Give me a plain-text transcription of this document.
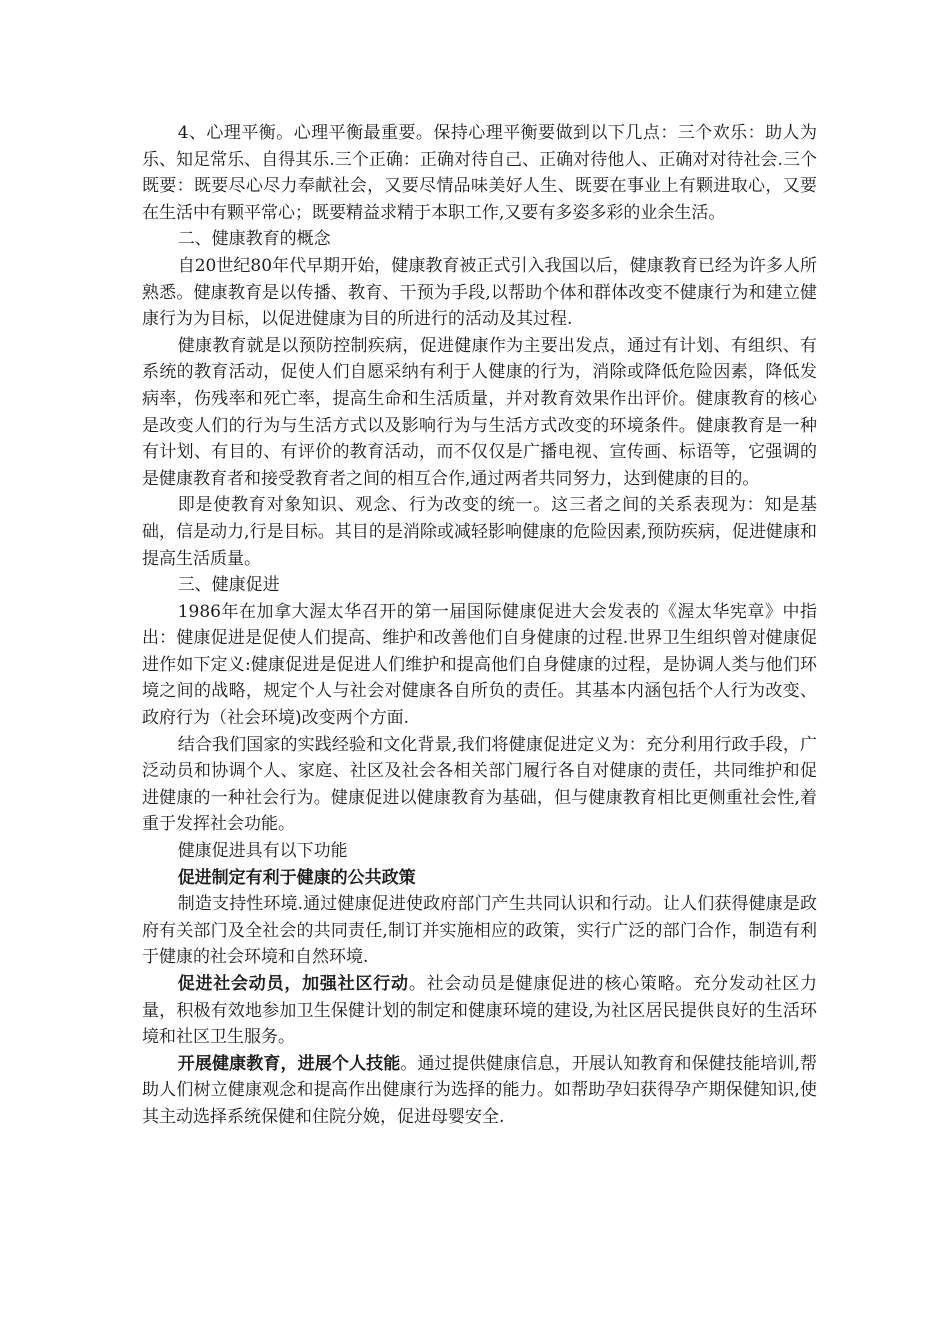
4、心理平衡。心理平衡最重要。保持心理平衡要做到以下几点：三个欢乐：助人为乐、知足常乐、自得其乐.三个正确：正确对待自己、正确对待他人、正确对对待社会.三个既要：既要尽心尽力奉献社会，又要尽情品味美好人生、既要在事业上有颗进取心，又要在生活中有颗平常心；既要精益求精于本职工作,又要有多姿多彩的业余生活。

二、健康教育的概念

自20世纪80年代早期开始，健康教育被正式引入我国以后，健康教育已经为许多人所熟悉。健康教育是以传播、教育、干预为手段,以帮助个体和群体改变不健康行为和建立健康行为为目标，以促进健康为目的所进行的活动及其过程.

健康教育就是以预防控制疾病，促进健康作为主要出发点，通过有计划、有组织、有系统的教育活动，促使人们自愿采纳有利于人健康的行为，消除或降低危险因素，降低发病率，伤残率和死亡率，提高生命和生活质量，并对教育效果作出评价。健康教育的核心是改变人们的行为与生活方式以及影响行为与生活方式改变的环境条件。健康教育是一种有计划、有目的、有评价的教育活动，而不仅仅是广播电视、宣传画、标语等，它强调的是健康教育者和接受教育者之间的相互合作,通过两者共同努力，达到健康的目的。

即是使教育对象知识、观念、行为改变的统一。这三者之间的关系表现为：知是基础，信是动力,行是目标。其目的是消除或减轻影响健康的危险因素,预防疾病，促进健康和提高生活质量。

三、健康促进

1986年在加拿大渥太华召开的第一届国际健康促进大会发表的《渥太华宪章》中指出：健康促进是促使人们提高、维护和改善他们自身健康的过程.世界卫生组织曾对健康促进作如下定义:健康促进是促进人们维护和提高他们自身健康的过程，是协调人类与他们环境之间的战略，规定个人与社会对健康各自所负的责任。其基本内涵包括个人行为改变、政府行为（社会环境)改变两个方面.

结合我们国家的实践经验和文化背景,我们将健康促进定义为：充分利用行政手段，广泛动员和协调个人、家庭、社区及社会各相关部门履行各自对健康的责任，共同维护和促进健康的一种社会行为。健康促进以健康教育为基础，但与健康教育相比更侧重社会性,着重于发挥社会功能。

健康促进具有以下功能

促进制定有利于健康的公共政策

制造支持性环境.通过健康促进使政府部门产生共同认识和行动。让人们获得健康是政府有关部门及全社会的共同责任,制订并实施相应的政策，实行广泛的部门合作，制造有利于健康的社会环境和自然环境.

促进社会动员，加强社区行动。社会动员是健康促进的核心策略。充分发动社区力量，积极有效地参加卫生保健计划的制定和健康环境的建设,为社区居民提供良好的生活环境和社区卫生服务。

开展健康教育，进展个人技能。通过提供健康信息，开展认知教育和保健技能培训,帮助人们树立健康观念和提高作出健康行为选择的能力。如帮助孕妇获得孕产期保健知识,使其主动选择系统保健和住院分娩，促进母婴安全.
